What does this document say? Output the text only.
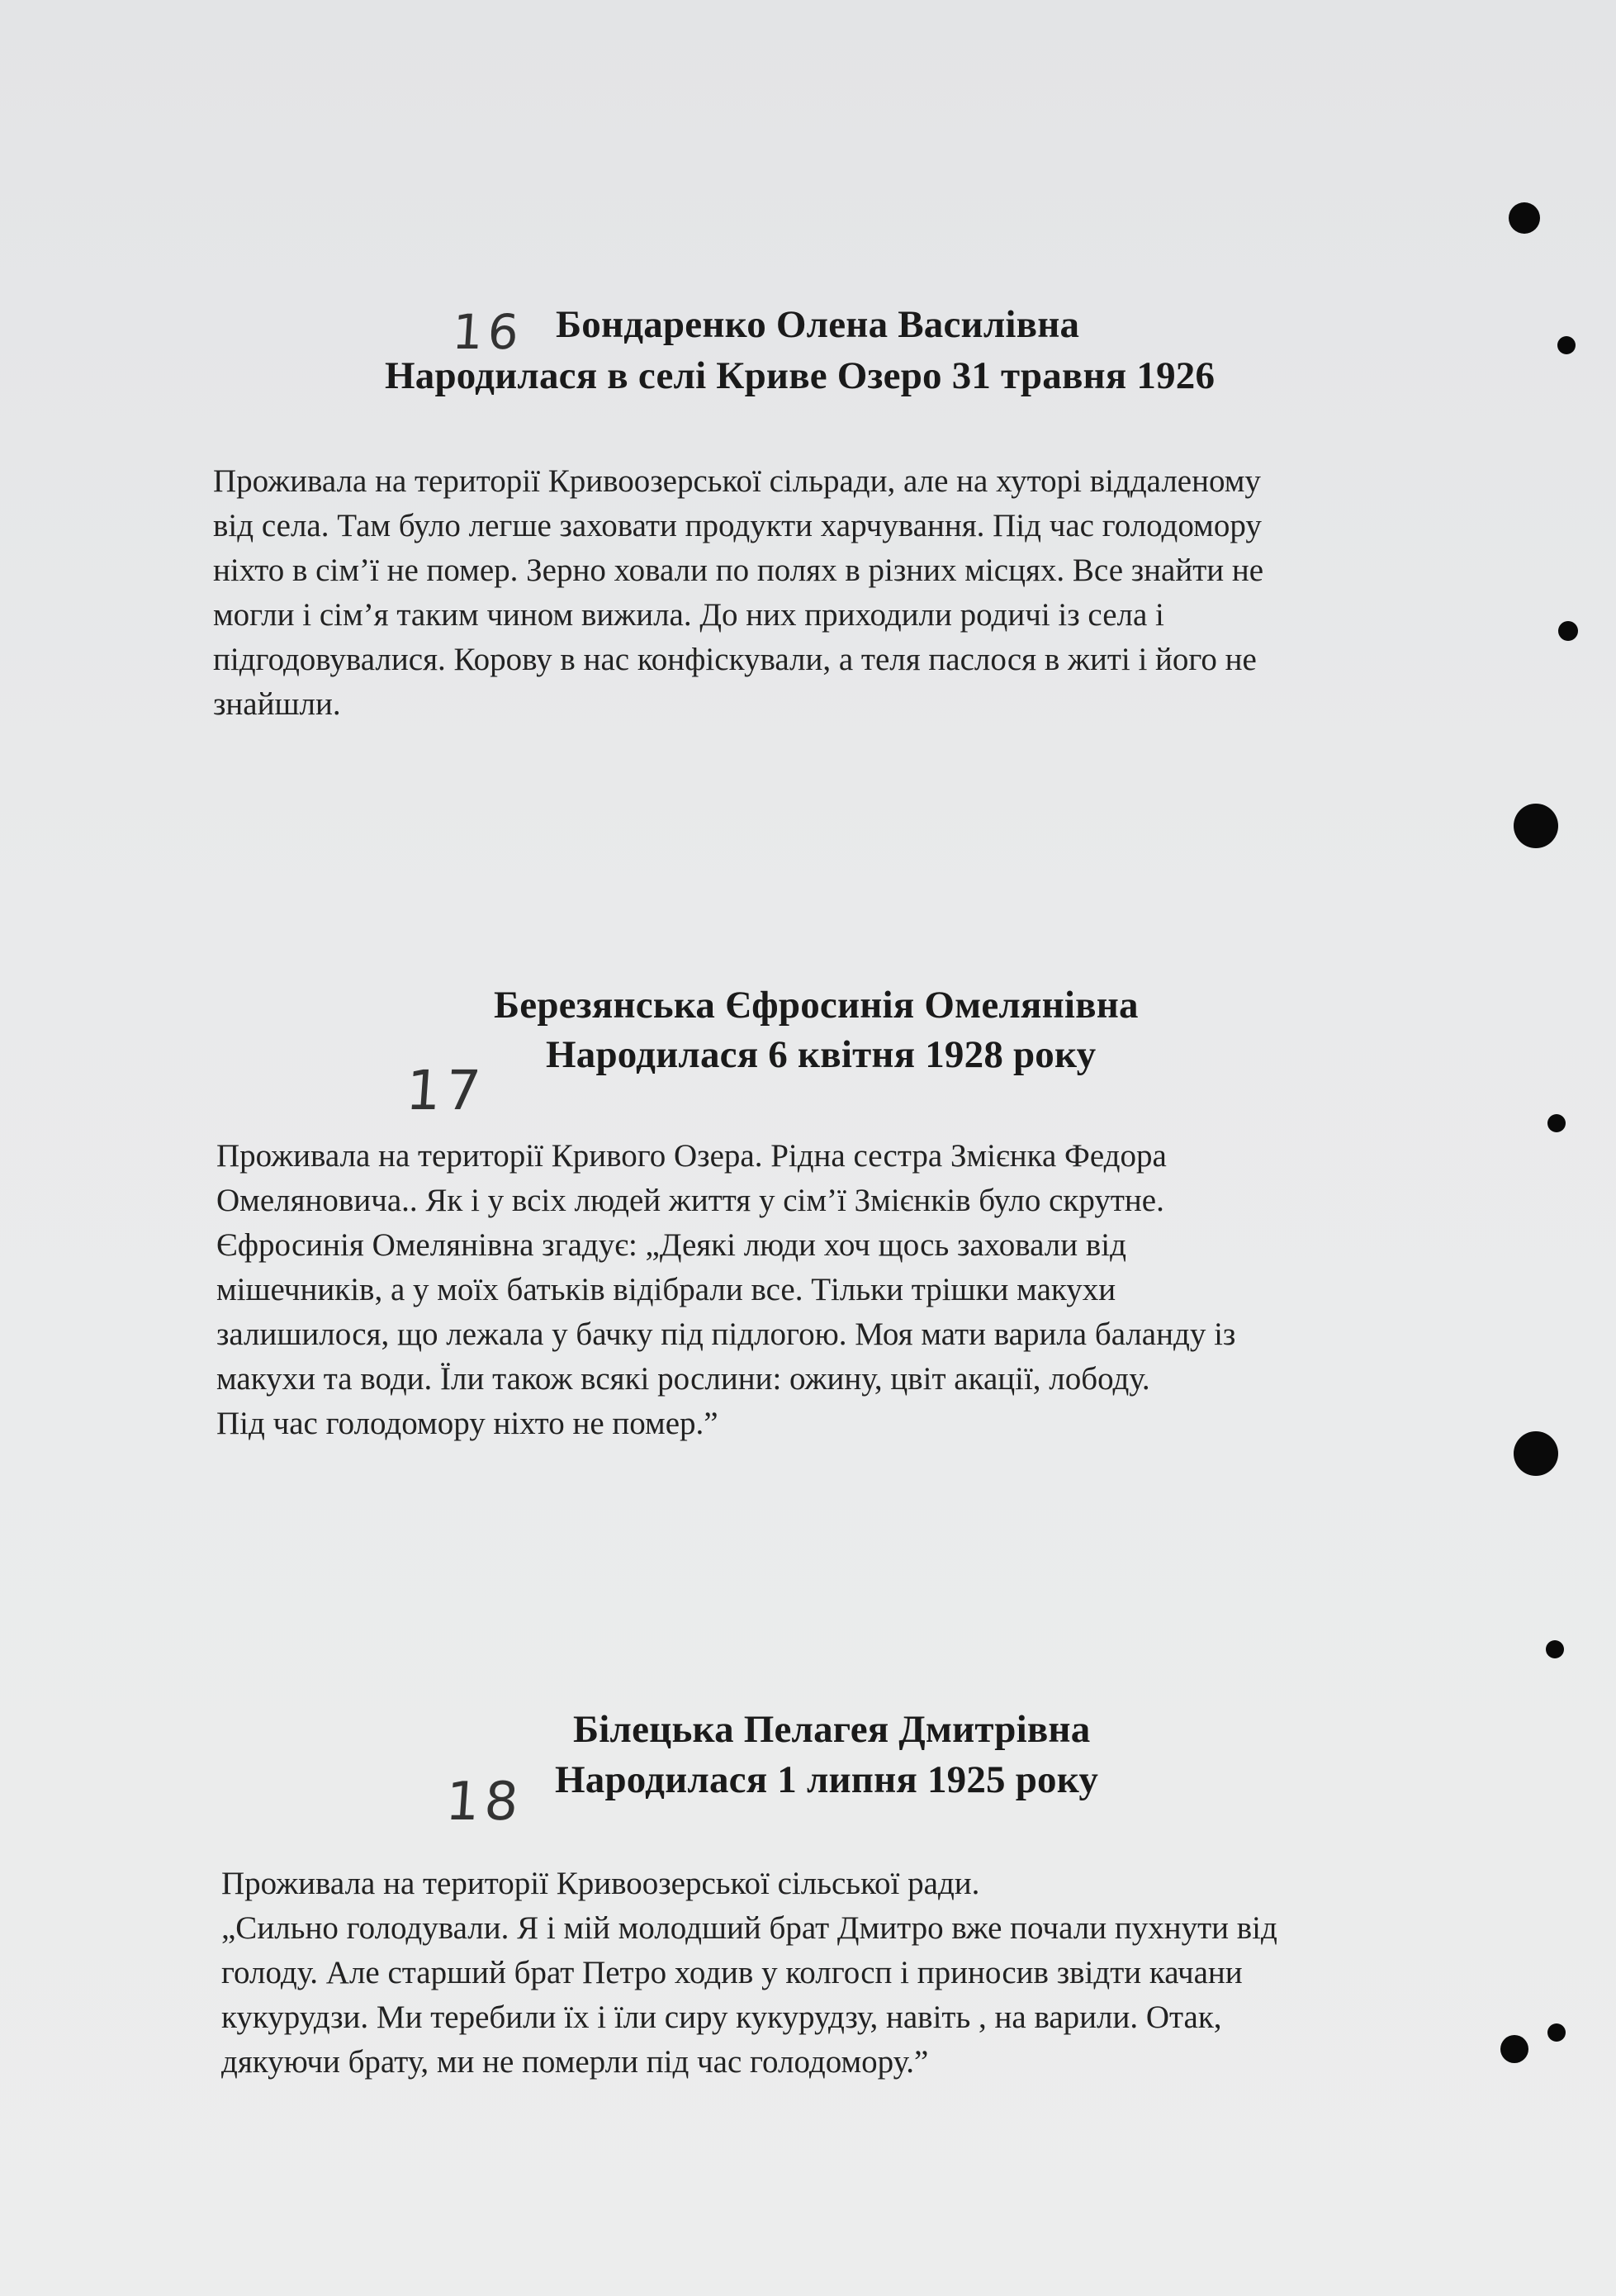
16 Бондаренко Олена Василівна
Народилася в селі Криве Озеро 31 травня 1926

Проживала на території Кривоозерської сільради, але на хуторі віддаленому

від села. Там було легше заховати продукти харчування. Під час голодомору

ніхто в сім’ї не помер. Зерно ховали по полях в різних місцях. Все знайти не

могли і сім’я таким чином вижила. До них приходили родичі із села і

підгодовувалися. Корову в нас конфіскували, а теля паслося в житі і його не

знайшли.

17
Березянська Єфросинія Омелянівна
Народилася 6 квітня 1928 року

Проживала на території Кривого Озера. Рідна сестра Змієнка Федора

Омеляновича.. Як і у всіх людей життя у сім’ї Змієнків було скрутне.

Єфросинія Омелянівна згадує: „Деякі люди хоч щось заховали від

мішечників, а у моїх батьків відібрали все. Тільки трішки макухи

залишилося, що лежала у бачку під підлогою. Моя мати варила баланду із

макухи та води. Їли також всякі рослини: ожину, цвіт акації, лободу.

Під час голодомору ніхто не помер.”

18
Білецька Пелагея Дмитрівна
Народилася 1 липня 1925 року

Проживала на території Кривоозерської сільської ради.

„Сильно голодували. Я і мій молодший брат Дмитро вже почали пухнути від

голоду. Але старший брат Петро ходив у колгосп і приносив звідти качани

кукурудзи. Ми теребили їх і їли сиру кукурудзу, навіть , на варили. Отак,

дякуючи брату, ми не померли під час голодомору.”
